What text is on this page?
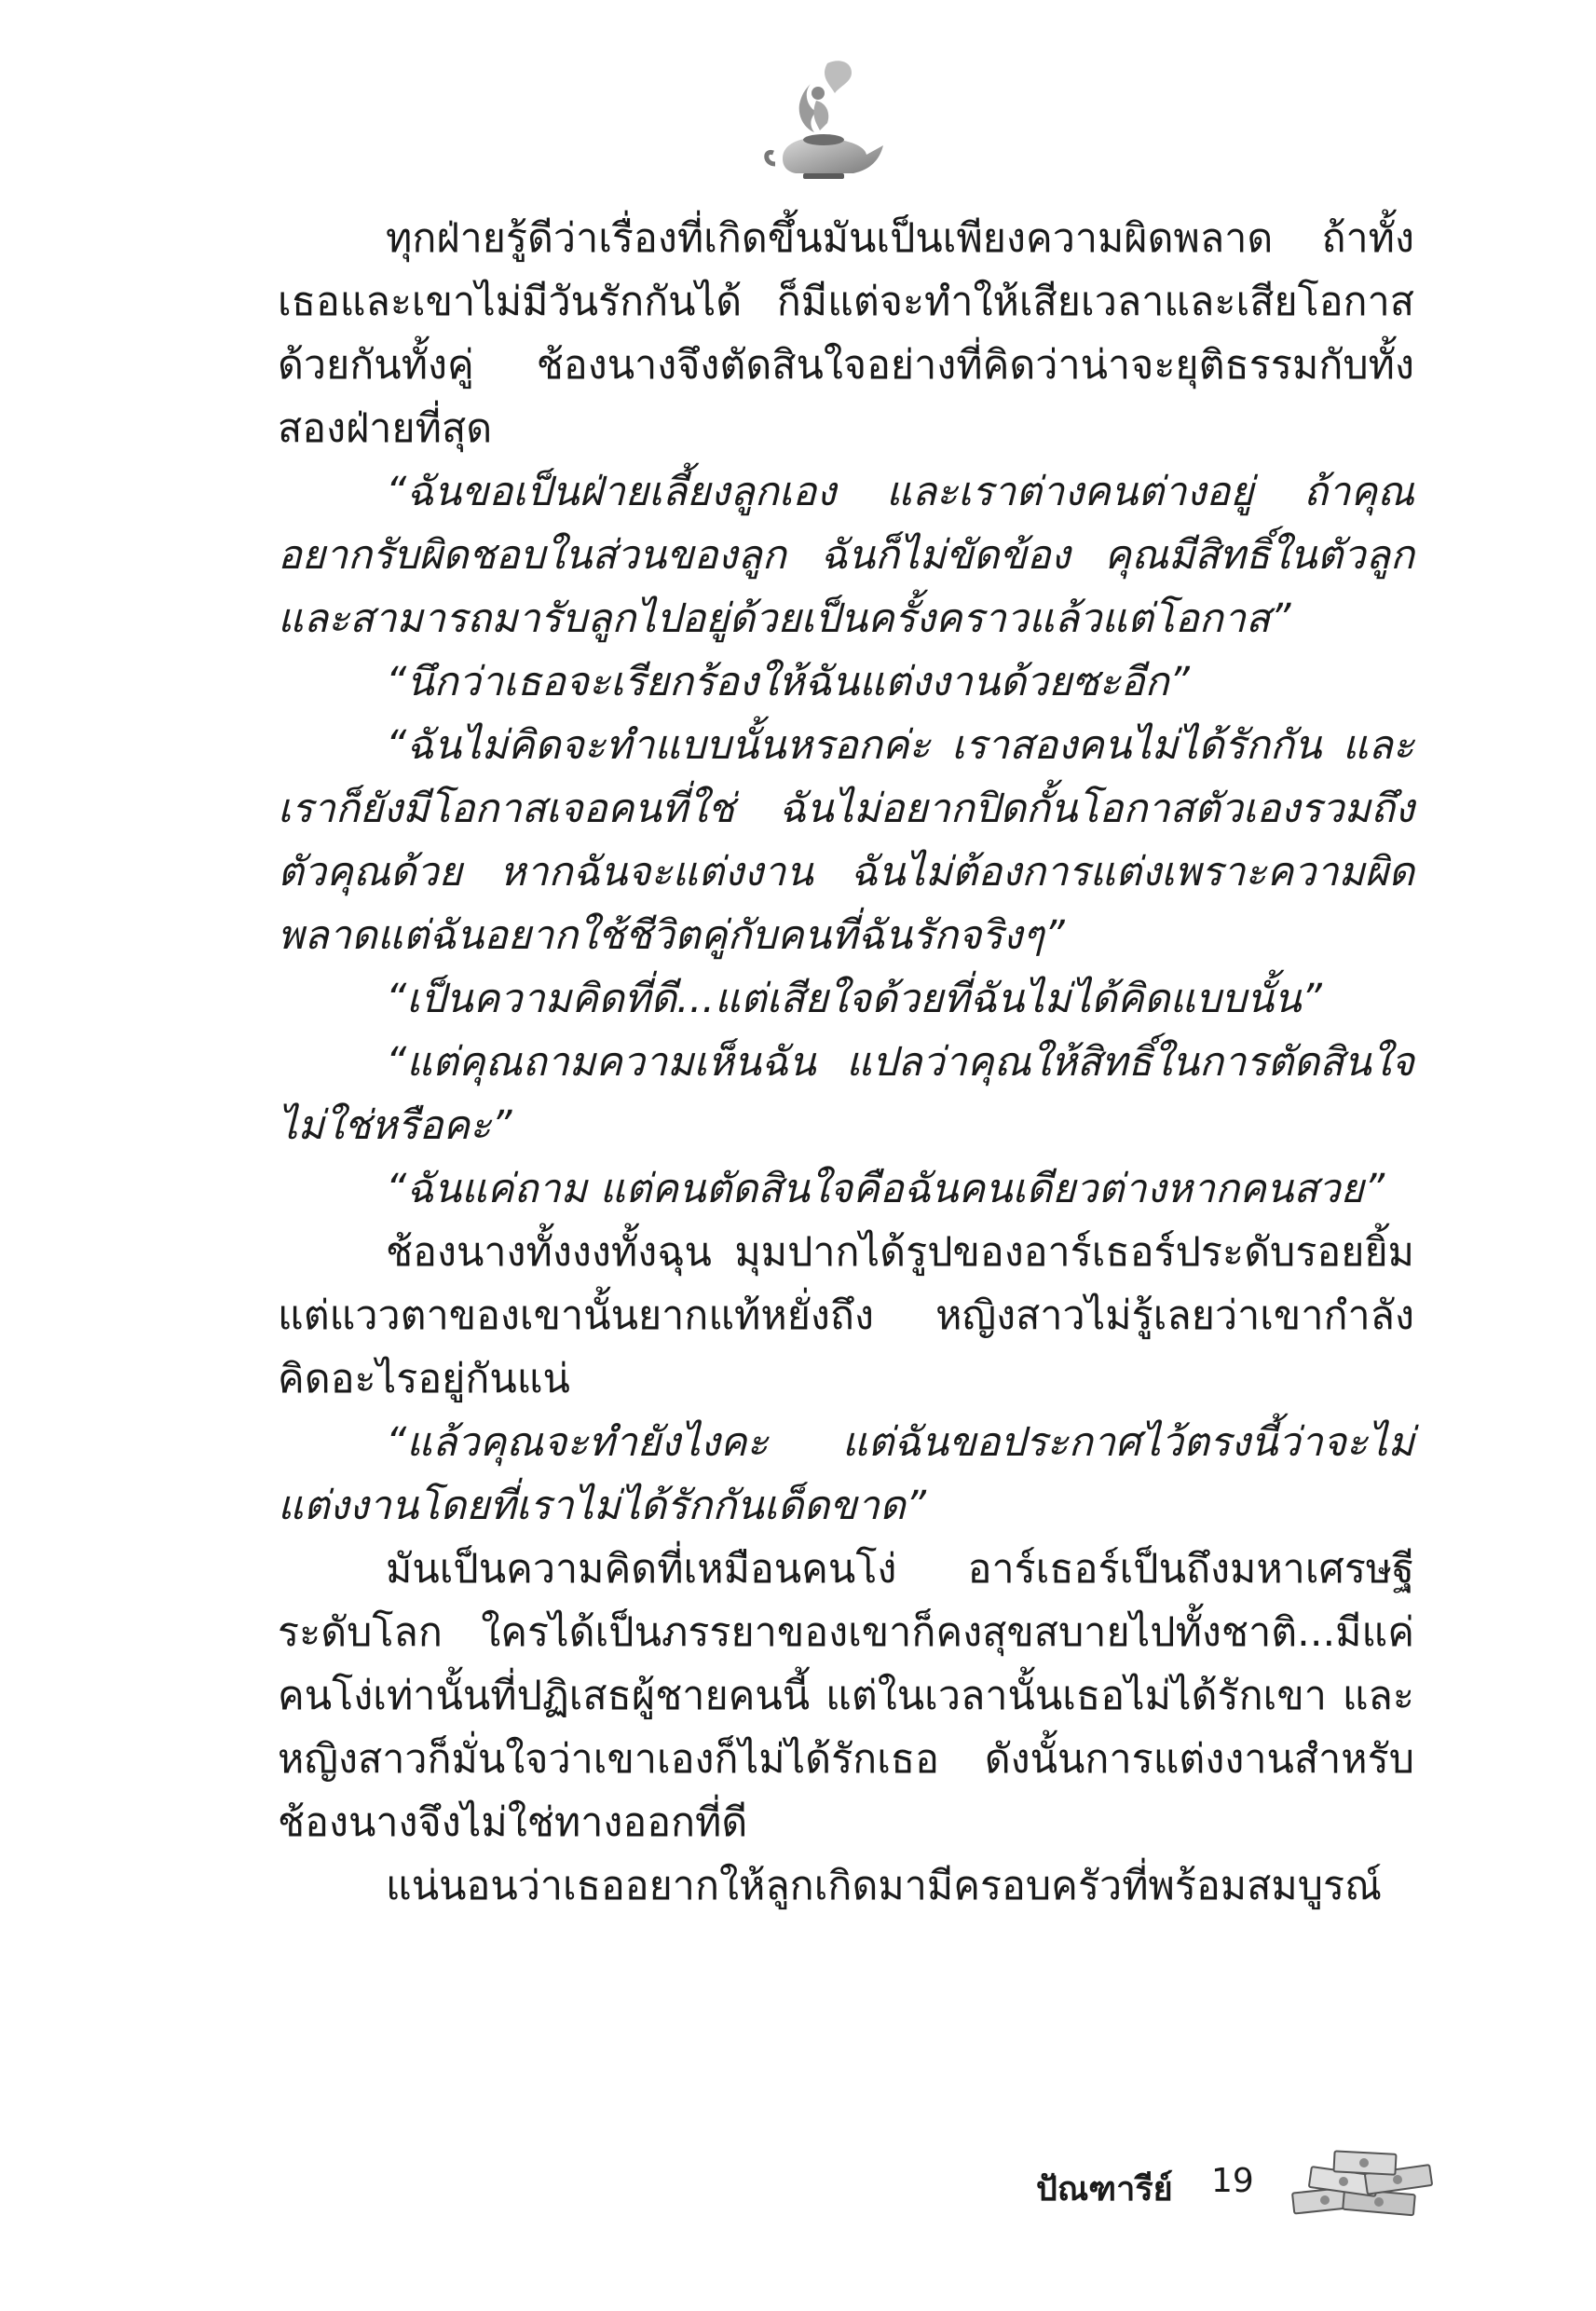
ทุกฝ่ายรู้ดีว่าเรื่องที่เกิดขึ้นมันเป็นเพียงความผิดพลาด ถ้าทั้งเธอและเขาไม่มีวันรักกันได้ ก็มีแต่จะทำให้เสียเวลาและเสียโอกาสด้วยกันทั้งคู่ ช้องนางจึงตัดสินใจอย่างที่คิดว่าน่าจะยุติธรรมกับทั้งสองฝ่ายที่สุด

“ฉันขอเป็นฝ่ายเลี้ยงลูกเอง และเราต่างคนต่างอยู่ ถ้าคุณอยากรับผิดชอบในส่วนของลูก ฉันก็ไม่ขัดข้อง คุณมีสิทธิ์ในตัวลูกและสามารถมารับลูกไปอยู่ด้วยเป็นครั้งคราวแล้วแต่โอกาส”

“นึกว่าเธอจะเรียกร้องให้ฉันแต่งงานด้วยซะอีก”

“ฉันไม่คิดจะทำแบบนั้นหรอกค่ะ เราสองคนไม่ได้รักกัน และเราก็ยังมีโอกาสเจอคนที่ใช่ ฉันไม่อยากปิดกั้นโอกาสตัวเองรวมถึงตัวคุณด้วย หากฉันจะแต่งงาน ฉันไม่ต้องการแต่งเพราะความผิดพลาดแต่ฉันอยากใช้ชีวิตคู่กับคนที่ฉันรักจริงๆ”

“เป็นความคิดที่ดี...แต่เสียใจด้วยที่ฉันไม่ได้คิดแบบนั้น”

“แต่คุณถามความเห็นฉัน แปลว่าคุณให้สิทธิ์ในการตัดสินใจไม่ใช่หรือคะ”

“ฉันแค่ถาม แต่คนตัดสินใจคือฉันคนเดียวต่างหากคนสวย”

ช้องนางทั้งงงทั้งฉุน มุมปากได้รูปของอาร์เธอร์ประดับรอยยิ้มแต่แววตาของเขานั้นยากแท้หยั่งถึง หญิงสาวไม่รู้เลยว่าเขากำลังคิดอะไรอยู่กันแน่

“แล้วคุณจะทำยังไงคะ แต่ฉันขอประกาศไว้ตรงนี้ว่าจะไม่แต่งงานโดยที่เราไม่ได้รักกันเด็ดขาด”

มันเป็นความคิดที่เหมือนคนโง่ อาร์เธอร์เป็นถึงมหาเศรษฐีระดับโลก ใครได้เป็นภรรยาของเขาก็คงสุขสบายไปทั้งชาติ...มีแค่คนโง่เท่านั้นที่ปฏิเสธผู้ชายคนนี้ แต่ในเวลานั้นเธอไม่ได้รักเขา และหญิงสาวก็มั่นใจว่าเขาเองก็ไม่ได้รักเธอ ดังนั้นการแต่งงานสำหรับช้องนางจึงไม่ใช่ทางออกที่ดี

แน่นอนว่าเธออยากให้ลูกเกิดมามีครอบครัวที่พร้อมสมบูรณ์

ปัณฑารีย์ 19
